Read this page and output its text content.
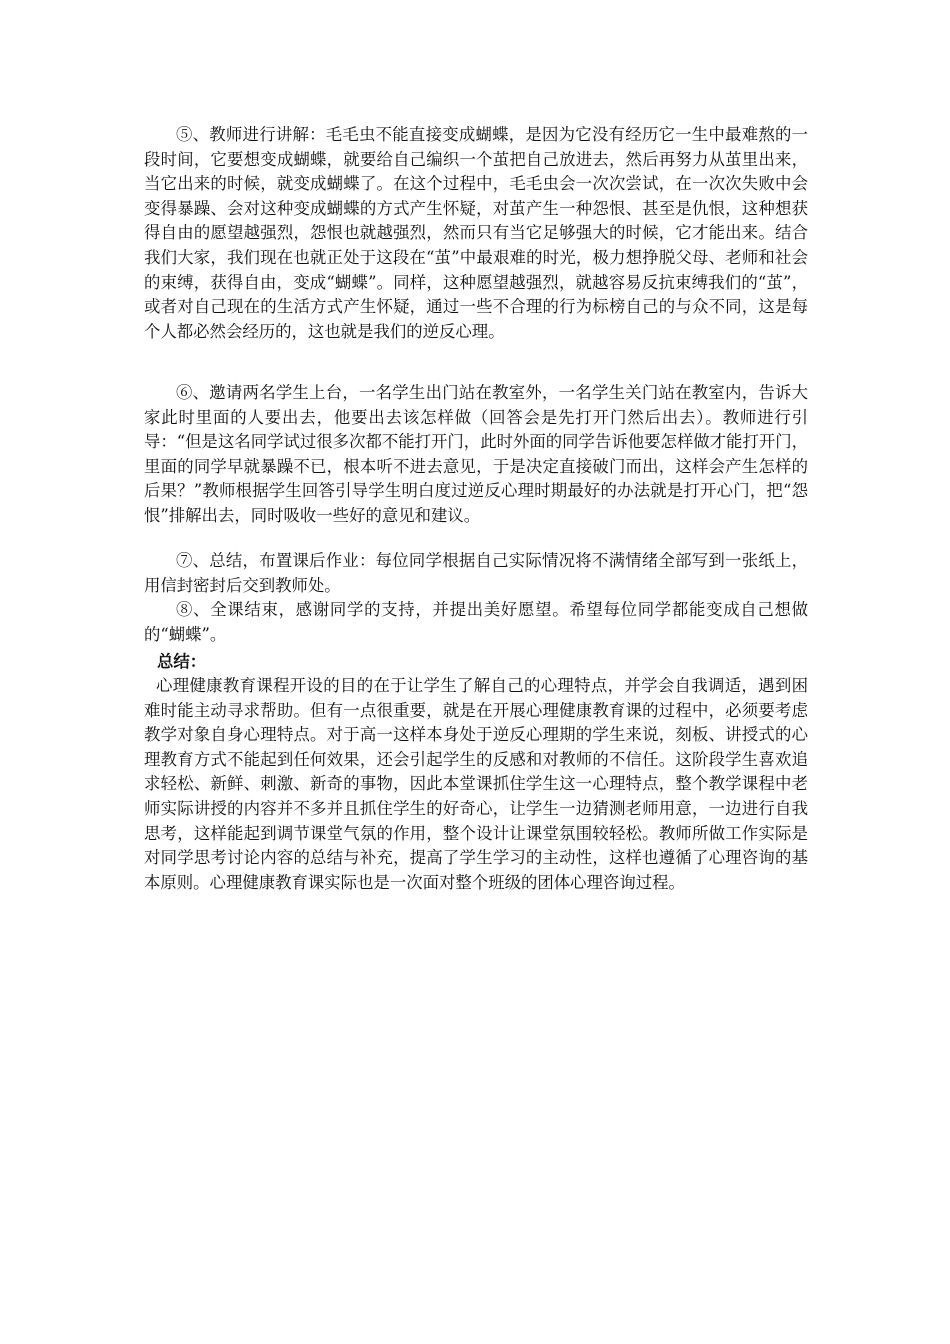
⑤、教师进行讲解：毛毛虫不能直接变成蝴蝶，是因为它没有经历它一生中最难熬的一段时间，它要想变成蝴蝶，就要给自己编织一个茧把自己放进去，然后再努力从茧里出来，当它出来的时候，就变成蝴蝶了。在这个过程中，毛毛虫会一次次尝试，在一次次失败中会变得暴躁、会对这种变成蝴蝶的方式产生怀疑，对茧产生一种怨恨、甚至是仇恨，这种想获得自由的愿望越强烈，怨恨也就越强烈，然而只有当它足够强大的时候，它才能出来。结合我们大家，我们现在也就正处于这段在“茧”中最艰难的时光，极力想挣脱父母、老师和社会的束缚，获得自由，变成“蝴蝶”。同样，这种愿望越强烈，就越容易反抗束缚我们的“茧”，或者对自己现在的生活方式产生怀疑，通过一些不合理的行为标榜自己的与众不同，这是每个人都必然会经历的，这也就是我们的逆反心理。

⑥、邀请两名学生上台，一名学生出门站在教室外，一名学生关门站在教室内，告诉大家此时里面的人要出去，他要出去该怎样做（回答会是先打开门然后出去）。教师进行引导：“但是这名同学试过很多次都不能打开门，此时外面的同学告诉他要怎样做才能打开门，里面的同学早就暴躁不已，根本听不进去意见，于是决定直接破门而出，这样会产生怎样的后果？”教师根据学生回答引导学生明白度过逆反心理时期最好的办法就是打开心门，把“怨恨”排解出去，同时吸收一些好的意见和建议。

⑦、总结，布置课后作业：每位同学根据自己实际情况将不满情绪全部写到一张纸上，用信封密封后交到教师处。

⑧、全课结束，感谢同学的支持，并提出美好愿望。希望每位同学都能变成自己想做的“蝴蝶”。

总结：

心理健康教育课程开设的目的在于让学生了解自己的心理特点，并学会自我调适，遇到困难时能主动寻求帮助。但有一点很重要，就是在开展心理健康教育课的过程中，必须要考虑教学对象自身心理特点。对于高一这样本身处于逆反心理期的学生来说，刻板、讲授式的心理教育方式不能起到任何效果，还会引起学生的反感和对教师的不信任。这阶段学生喜欢追求轻松、新鲜、刺激、新奇的事物，因此本堂课抓住学生这一心理特点，整个教学课程中老师实际讲授的内容并不多并且抓住学生的好奇心，让学生一边猜测老师用意，一边进行自我思考，这样能起到调节课堂气氛的作用，整个设计让课堂氛围较轻松。教师所做工作实际是对同学思考讨论内容的总结与补充，提高了学生学习的主动性，这样也遵循了心理咨询的基本原则。心理健康教育课实际也是一次面对整个班级的团体心理咨询过程。
